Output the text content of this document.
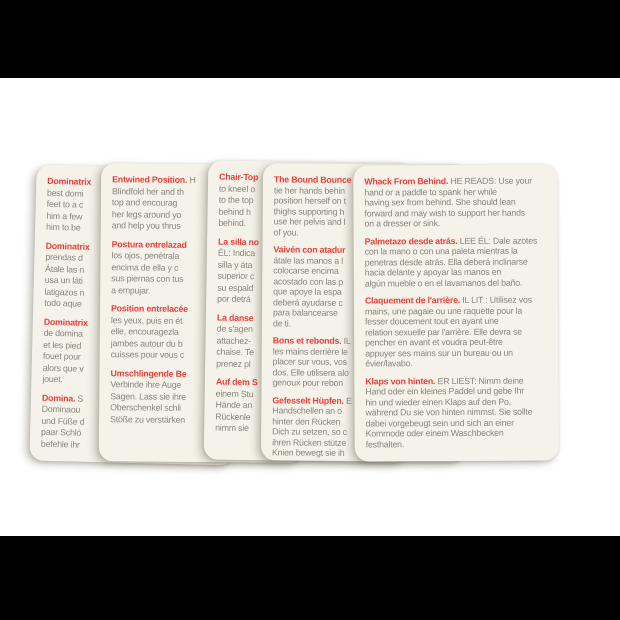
Dominatrix
best domi
feet to a c
him a few
him to be
Dominatrix
prendas d
Átale las n
usa un láti
latigazos n
todo aque
Dominatrix
de domina
et les pied
fouet pour
alors que v
jouet.
Domina. S
Dominaou
und Füße d
paar Schlö
befehle ihr
Entwined Position. H
Blindfold her and th
top and encourag
her legs around yo
and help you thrus
Postura entrelazad
los ojos, penétrala
encima de ella y c
sus piernas con tus
a empujar.
Position entrelacée
les yeux, puis en ét
elle, encouragezla
jambes autour du b
cuisses pour vous c
Umschlingende Be
Verbinde ihre Auge
Sagen. Lass sie ihre
Oberschenkel schli
Stöße zu verstärken
Chair-Top
to kneel o
to the top
behind h
behind.
La silla no
ÉL: Indica
silla y áta
superior c
su espald
por detrá
La danse
de s'agen
attachez-
chaise. Te
prenez pl
Auf dem S
einem Stu
Hände an
Rückenle
nimm sie
The Bound Bounce
tie her hands behin
position herself on t
thighs supporting h
use her pelvis and l
of you.
Vaivén con atadur
átale las manos a l
colocarse encima
acostado con las p
que apoye la espa
deberá ayudarse c
para balancearse
de ti.
Bons et rebonds. IL
les mains derrière le
placer sur vous, vos
dos. Elle utilisera alo
genoux pour rebon
Gefesselt Hüpfen. E
Handschellen an o
hinter den Rücken
Dich zu setzen, so c
ihren Rücken stütze
Knien bewegt sie ih
Whack From Behind. HE READS: Use your
hand or a paddle to spank her while
having sex from behind. She should lean
forward and may wish to support her hands
on a dresser or sink.
Palmetazo desde atrás. LEE ÉL: Dale azotes
con la mano o con una paleta mientras la
penetras desde atrás. Ella deberá inclinarse
hacia delante y apoyar las manos en
algún mueble o en el lavamanos del baño.
Claquement de l'arrière. IL LIT : Utilisez vos
mains, une pagaie ou une raquette pour la
fesser doucement tout en ayant une
relation sexuelle par l'arrière. Elle devra se
pencher en avant et voudra peut-être
appuyer ses mains sur un bureau ou un
évier/lavabo.
Klaps von hinten. ER LIEST: Nimm deine
Hand oder ein kleines Paddel und gebe Ihr
hin und wieder einen Klaps auf den Po,
während Du sie von hinten nimmst. Sie sollte
dabei vorgebeugt sein und sich an einer
Kommode oder einem Waschbecken
festhalten.
